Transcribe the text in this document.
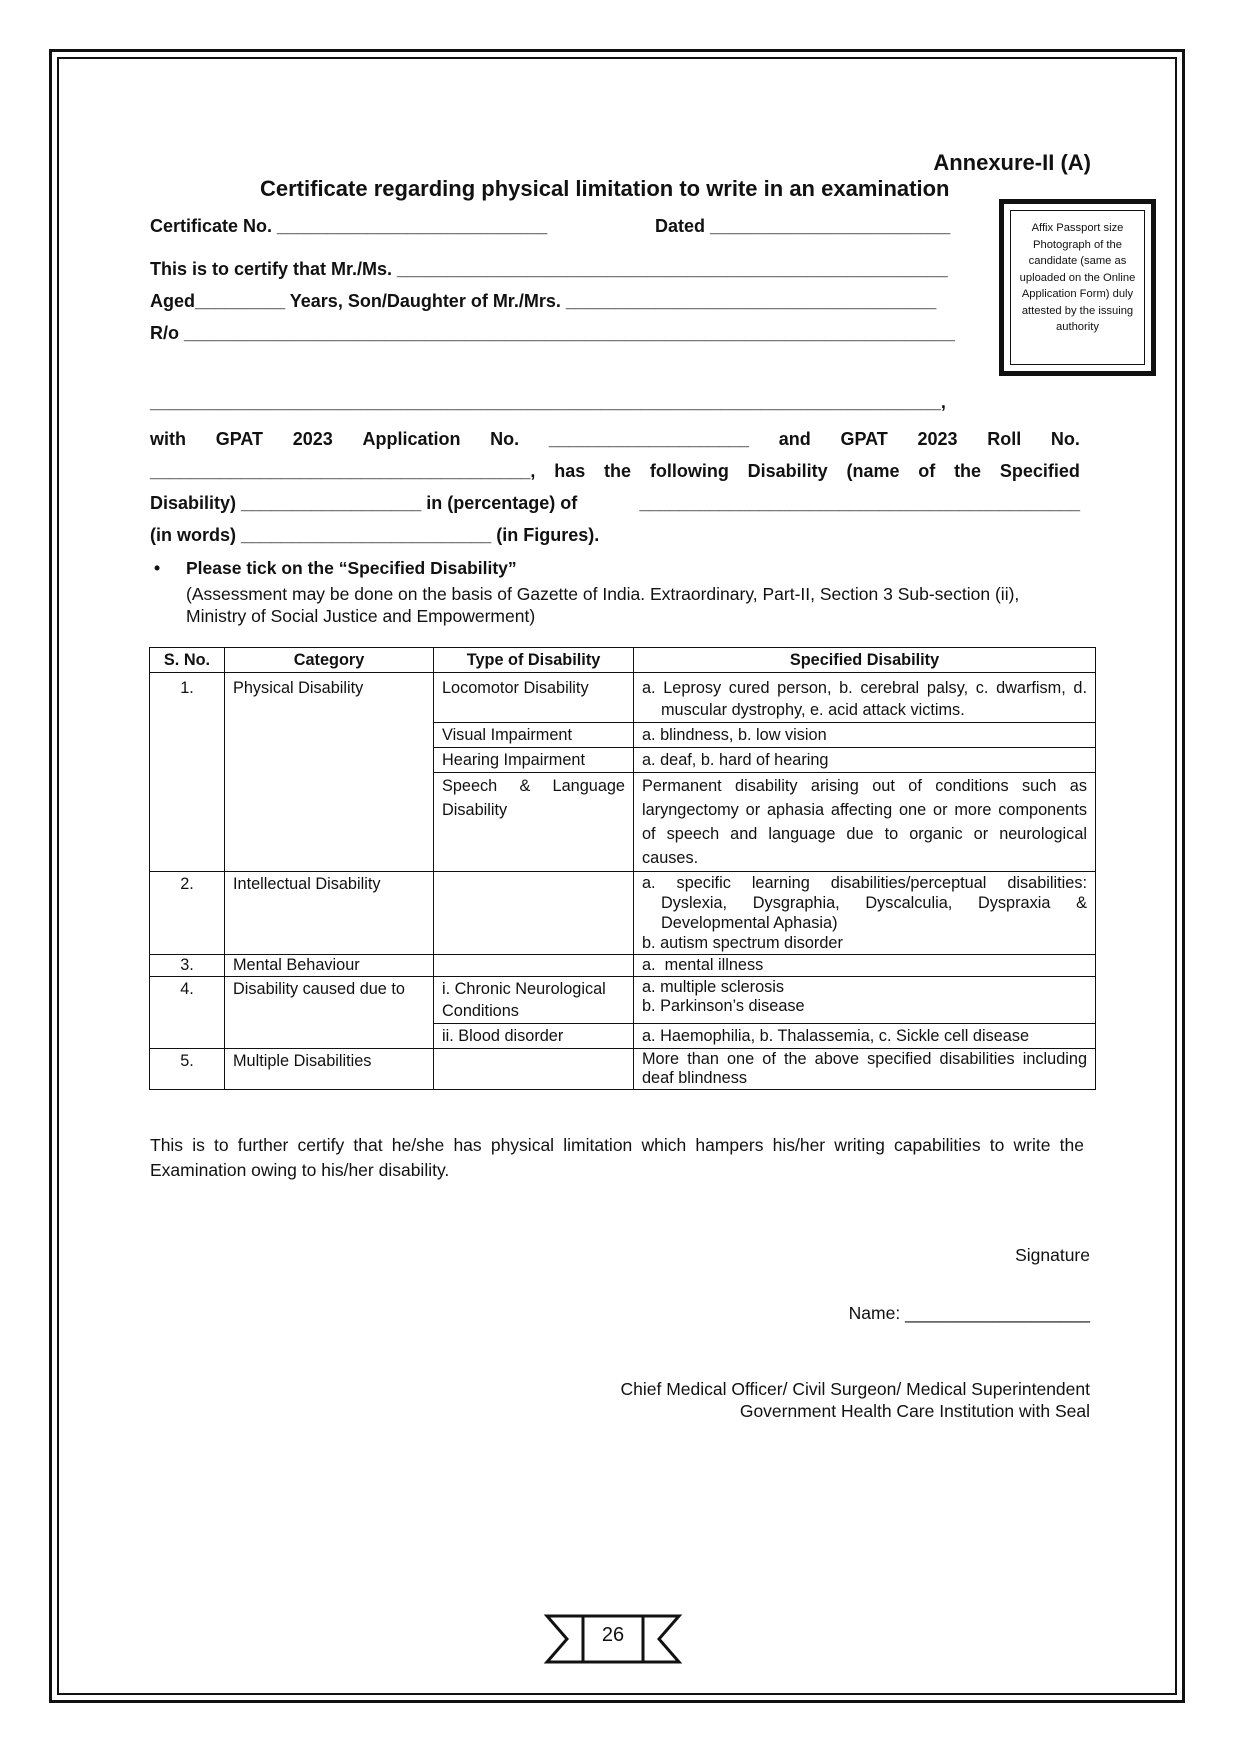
Annexure-II (A)
Certificate regarding physical limitation to write in an examination
Certificate No. ___________________________	Dated ________________________	Affix Passport size Photograph of the candidate (same as uploaded on the Online Application Form) duly attested by the issuing authority
This is to certify that Mr./Ms. _______________________________________________________
Aged_________ Years, Son/Daughter of Mr./Mrs. _____________________________________
R/o _____________________________________________________________________________
_______________________________________________________________________________,
with GPAT 2023 Application No. ____________________ and GPAT 2023 Roll No.
______________________________________, has the following Disability (name of the Specified
Disability) __________________ in (percentage) of	____________________________________________
(in words) _________________________ (in Figures).
• Please tick on the “Specified Disability”
(Assessment may be done on the basis of Gazette of India. Extraordinary, Part-II, Section 3 Sub-section (ii), Ministry of Social Justice and Empowerment)
S. No.	Category	Type of Disability	Specified Disability
1.	Physical Disability	Locomotor Disability	a. Leprosy cured person, b. cerebral palsy, c. dwarfism, d. muscular dystrophy, e. acid attack victims.

		Visual Impairment	a. blindness, b. low vision
		Hearing Impairment	a. deaf, b. hard of hearing
		Speech & Language Disability	Permanent disability arising out of conditions such as laryngectomy or aphasia affecting one or more components of speech and language due to organic or neurological causes.
2.	Intellectual Disability		a. specific learning disabilities/perceptual disabilities: Dyslexia, Dysgraphia, Dyscalculia, Dyspraxia & Developmental Aphasia)
b. autism spectrum disorder

3.	Mental Behaviour		a.  mental illness
4.	Disability caused due to	i. Chronic Neurological Conditions	a. multiple sclerosis
b. Parkinson’s disease

		ii. Blood disorder	a. Haemophilia, b. Thalassemia, c. Sickle cell disease
5.	Multiple Disabilities		More than one of the above specified disabilities including deaf blindness
This is to further certify that he/she has physical limitation which hampers his/her writing capabilities to write the Examination owing to his/her disability.
Signature
Name: ___________________
Chief Medical Officer/ Civil Surgeon/ Medical Superintendent
Government Health Care Institution with Seal
26
